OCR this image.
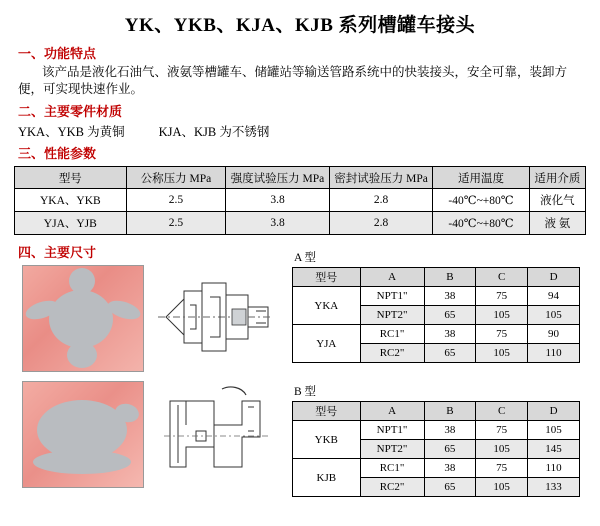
YK、YKB、KJA、KJB 系列槽罐车接头
一、功能特点
该产品是液化石油气、液氨等槽罐车、储罐站等输送管路系统中的快装接头，安全可靠，装卸方便，可实现快速作业。
二、主要零件材质
YKA、YKB 为黄铜	KJA、KJB 为不锈钢
三、性能参数
型号	公称压力 MPa	强度试验压力 MPa	密封试验压力 MPa	适用温度	适用介质
YKA、YKB	2.5	3.8	2.8	-40℃~+80℃	液化气
YJA、YJB	2.5	3.8	2.8	-40℃~+80℃	液 氨
四、主要尺寸	A 型
型号	A	B	C	D
YKA	NPT1"	38	75	94
	NPT2"	65	105	105
YJA	RC1"	38	75	90
	RC2"	65	105	110
B 型
型号	A	B	C	D
YKB	NPT1"	38	75	105
	NPT2"	65	105	145
KJB	RC1"	38	75	110
	RC2"	65	105	133
